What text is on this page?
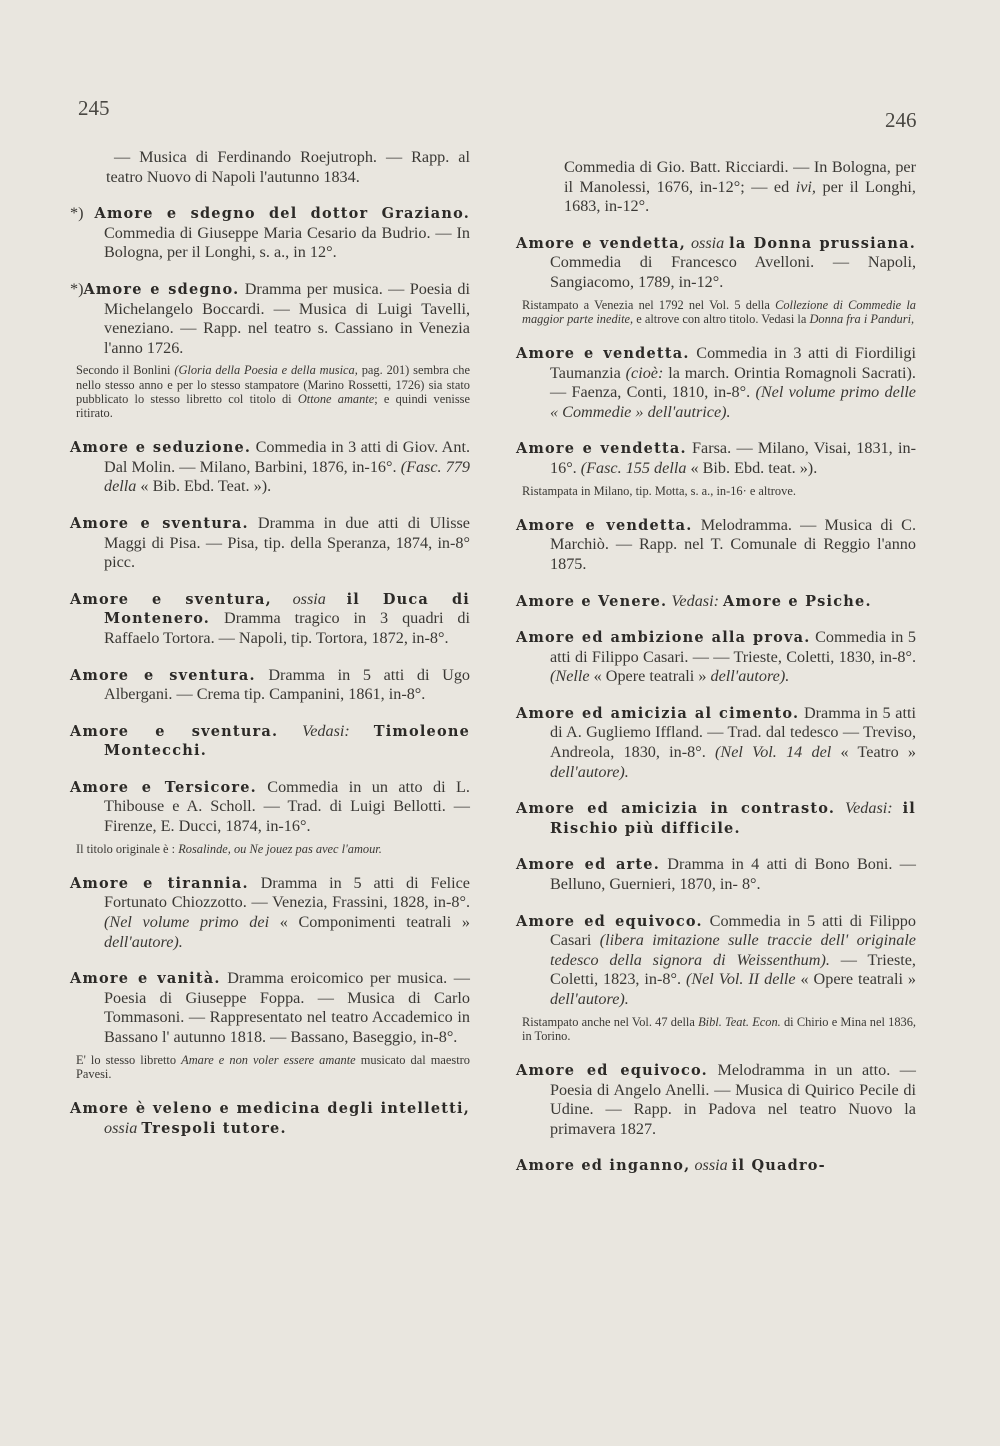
245	246

— Musica di Ferdinando Roejutroph. — Rapp. al teatro Nuovo di Napoli l'autunno 1834.

*) Amore e sdegno del dottor Graziano. Commedia di Giuseppe Maria Cesario da Budrio. — In Bologna, per il Longhi, s. a., in 12°.

*)Amore e sdegno. Dramma per musica. — Poesia di Michelangelo Boccardi. — Musica di Luigi Tavelli, veneziano. — Rapp. nel teatro s. Cassiano in Venezia l'anno 1726.

Secondo il Bonlini (Gloria della Poesia e della musica, pag. 201) sembra che nello stesso anno e per lo stesso stampatore (Marino Rossetti, 1726) sia stato pubblicato lo stesso libretto col titolo di Ottone amante; e quindi venisse ritirato.

Amore e seduzione. Commedia in 3 atti di Giov. Ant. Dal Molin. — Milano, Barbini, 1876, in-16°. (Fasc. 779 della « Bib. Ebd. Teat. »).

Amore e sventura. Dramma in due atti di Ulisse Maggi di Pisa. — Pisa, tip. della Speranza, 1874, in-8° picc.

Amore e sventura, ossia il Duca di Montenero. Dramma tragico in 3 quadri di Raffaelo Tortora. — Napoli, tip. Tortora, 1872, in-8°.

Amore e sventura. Dramma in 5 atti di Ugo Albergani. — Crema tip. Campanini, 1861, in-8°.

Amore e sventura. Vedasi: Timoleone Montecchi.

Amore e Tersicore. Commedia in un atto di L. Thibouse e A. Scholl. — Trad. di Luigi Bellotti. — Firenze, E. Ducci, 1874, in-16°.

Il titolo originale è : Rosalinde, ou Ne jouez pas avec l'amour.

Amore e tirannia. Dramma in 5 atti di Felice Fortunato Chiozzotto. — Venezia, Frassini, 1828, in-8°. (Nel volume primo dei « Componimenti teatrali » dell'autore).

Amore e vanità. Dramma eroicomico per musica. — Poesia di Giuseppe Foppa. — Musica di Carlo Tommasoni. — Rappresentato nel teatro Accademico in Bassano l' autunno 1818. — Bassano, Baseggio, in-8°.

E' lo stesso libretto Amare e non voler essere amante musicato dal maestro Pavesi.

Amore è veleno e medicina degli intelletti, ossia Trespoli tutore.

Commedia di Gio. Batt. Ricciardi. — In Bologna, per il Manolessi, 1676, in-12°; — ed ivi, per il Longhi, 1683, in-12°.

Amore e vendetta, ossia la Donna prussiana. Commedia di Francesco Avelloni. — Napoli, Sangiacomo, 1789, in-12°.

Ristampato a Venezia nel 1792 nel Vol. 5 della Collezione di Commedie la maggior parte inedite, e altrove con altro titolo. Vedasi la Donna fra i Panduri,

Amore e vendetta. Commedia in 3 atti di Fiordiligi Taumanzia (cioè: la march. Orintia Romagnoli Sacrati). — Faenza, Conti, 1810, in-8°. (Nel volume primo delle « Commedie » dell'autrice).

Amore e vendetta. Farsa. — Milano, Visai, 1831, in-16°. (Fasc. 155 della « Bib. Ebd. teat. »).

Ristampata in Milano, tip. Motta, s. a., in-16· e altrove.

Amore e vendetta. Melodramma. — Musica di C. Marchiò. — Rapp. nel T. Comunale di Reggio l'anno 1875.

Amore e Venere. Vedasi: Amore e Psiche.

Amore ed ambizione alla prova. Commedia in 5 atti di Filippo Casari. — — Trieste, Coletti, 1830, in-8°. (Nelle « Opere teatrali » dell'autore).

Amore ed amicizia al cimento. Dramma in 5 atti di A. Gugliemo Iffland. — Trad. dal tedesco — Treviso, Andreola, 1830, in-8°. (Nel Vol. 14 del « Teatro » dell'autore).

Amore ed amicizia in contrasto. Vedasi: il Rischio più difficile.

Amore ed arte. Dramma in 4 atti di Bono Boni. — Belluno, Guernieri, 1870, in- 8°.

Amore ed equivoco. Commedia in 5 atti di Filippo Casari (libera imitazione sulle traccie dell' originale tedesco della signora di Weissenthum). — Trieste, Coletti, 1823, in-8°. (Nel Vol. II delle « Opere teatrali » dell'autore).

Ristampato anche nel Vol. 47 della Bibl. Teat. Econ. di Chirio e Mina nel 1836, in Torino.

Amore ed equivoco. Melodramma in un atto. — Poesia di Angelo Anelli. — Musica di Quirico Pecile di Udine. — Rapp. in Padova nel teatro Nuovo la primavera 1827.

Amore ed inganno, ossia il Quadro-
